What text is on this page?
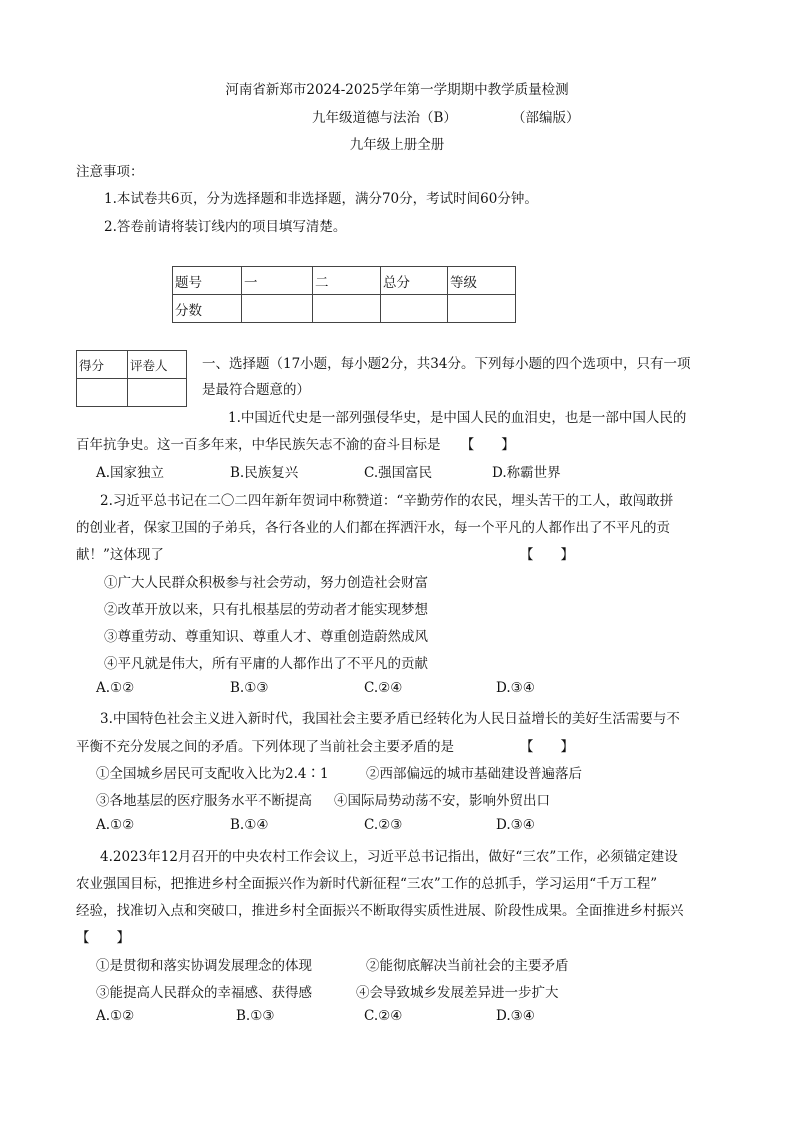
河南省新郑市2024-2025学年第一学期期中教学质量检测
九年级道德与法治（B）	（部编版）
九年级上册全册
注意事项：
1.本试卷共6页，分为选择题和非选择题，满分70分，考试时间60分钟。
2.答卷前请将装订线内的项目填写清楚。
题号	一	二	总分	等级
分数				
得分	评卷人
		一、选择题（17小题，每小题2分，共34分。下列每小题的四个选项中，只有一项
是最符合题意的）
1.中国近代史是一部列强侵华史，是中国人民的血泪史，也是一部中国人民的
百年抗争史。这一百多年来，中华民族矢志不渝的奋斗目标是　　【　　】
A.国家独立	B.民族复兴	C.强国富民	D.称霸世界
2.习近平总书记在二〇二四年新年贺词中称赞道：“辛勤劳作的农民，埋头苦干的工人，敢闯敢拼
的创业者，保家卫国的子弟兵，各行各业的人们都在挥洒汗水，每一个平凡的人都作出了不平凡的贡
献！”这体现了	【　　】
①广大人民群众积极参与社会劳动，努力创造社会财富
②改革开放以来，只有扎根基层的劳动者才能实现梦想
③尊重劳动、尊重知识、尊重人才、尊重创造蔚然成风
④平凡就是伟大，所有平庸的人都作出了不平凡的贡献
A.①②	B.①③	C.②④	D.③④
3.中国特色社会主义进入新时代，我国社会主要矛盾已经转化为人民日益增长的美好生活需要与不
平衡不充分发展之间的矛盾。下列体现了当前社会主要矛盾的是	【　　】
①全国城乡居民可支配收入比为2.4∶1	②西部偏远的城市基础建设普遍落后
③各地基层的医疗服务水平不断提高 ④国际局势动荡不安，影响外贸出口
A.①②	B.①④	C.②③	D.③④
4.2023年12月召开的中央农村工作会议上，习近平总书记指出，做好“三农”工作，必须锚定建设
农业强国目标，把推进乡村全面振兴作为新时代新征程“三农”工作的总抓手，学习运用“千万工程”
经验，找准切入点和突破口，推进乡村全面振兴不断取得实质性进展、阶段性成果。全面推进乡村振兴
【　　】
①是贯彻和落实协调发展理念的体现	②能彻底解决当前社会的主要矛盾
③能提高人民群众的幸福感、获得感	④会导致城乡发展差异进一步扩大
A.①②	B.①③	C.②④	D.③④
